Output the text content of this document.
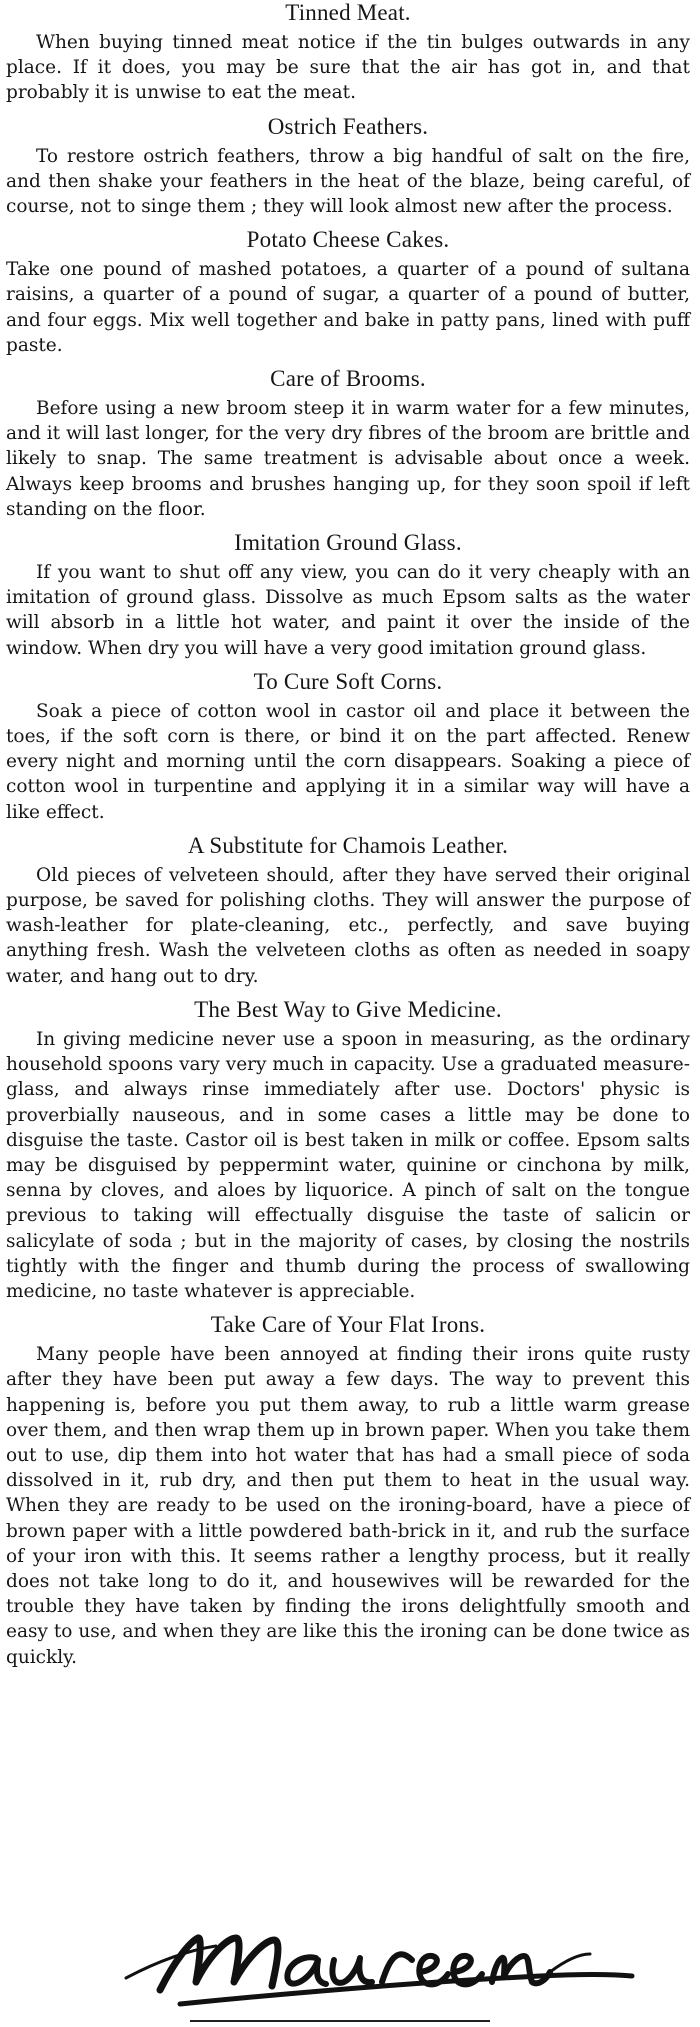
Tinned Meat.
When buying tinned meat notice if the tin bulges outwards in any place. If it does, you may be sure that the air has got in, and that probably it is unwise to eat the meat.
Ostrich Feathers.
To restore ostrich feathers, throw a big handful of salt on the fire, and then shake your feathers in the heat of the blaze, being careful, of course, not to singe them ; they will look almost new after the process.
Potato Cheese Cakes.
Take one pound of mashed potatoes, a quarter of a pound of sultana raisins, a quarter of a pound of sugar, a quarter of a pound of butter, and four eggs. Mix well together and bake in patty pans, lined with puff paste.
Care of Brooms.
Before using a new broom steep it in warm water for a few minutes, and it will last longer, for the very dry fibres of the broom are brittle and likely to snap. The same treatment is advisable about once a week. Always keep brooms and brushes hanging up, for they soon spoil if left standing on the floor.
Imitation Ground Glass.
If you want to shut off any view, you can do it very cheaply with an imitation of ground glass. Dissolve as much Epsom salts as the water will absorb in a little hot water, and paint it over the inside of the window. When dry you will have a very good imitation ground glass.
To Cure Soft Corns.
Soak a piece of cotton wool in castor oil and place it between the toes, if the soft corn is there, or bind it on the part affected. Renew every night and morning until the corn disappears. Soaking a piece of cotton wool in turpentine and applying it in a similar way will have a like effect.
A Substitute for Chamois Leather.
Old pieces of velveteen should, after they have served their original purpose, be saved for polishing cloths. They will answer the purpose of wash-leather for plate-cleaning, etc., perfectly, and save buying anything fresh. Wash the velveteen cloths as often as needed in soapy water, and hang out to dry.
The Best Way to Give Medicine.
In giving medicine never use a spoon in measuring, as the ordinary household spoons vary very much in capacity. Use a graduated measure-glass, and always rinse immediately after use. Doctors' physic is proverbially nauseous, and in some cases a little may be done to disguise the taste. Castor oil is best taken in milk or coffee. Epsom salts may be disguised by peppermint water, quinine or cinchona by milk, senna by cloves, and aloes by liquorice. A pinch of salt on the tongue previous to taking will effectually disguise the taste of salicin or salicylate of soda ; but in the majority of cases, by closing the nostrils tightly with the finger and thumb during the process of swallowing medicine, no taste whatever is appreciable.
Take Care of Your Flat Irons.
Many people have been annoyed at finding their irons quite rusty after they have been put away a few days. The way to prevent this happening is, before you put them away, to rub a little warm grease over them, and then wrap them up in brown paper. When you take them out to use, dip them into hot water that has had a small piece of soda dissolved in it, rub dry, and then put them to heat in the usual way. When they are ready to be used on the ironing-board, have a piece of brown paper with a little powdered bath-brick in it, and rub the surface of your iron with this. It seems rather a lengthy process, but it really does not take long to do it, and housewives will be rewarded for the trouble they have taken by finding the irons delightfully smooth and easy to use, and when they are like this the ironing can be done twice as quickly.
